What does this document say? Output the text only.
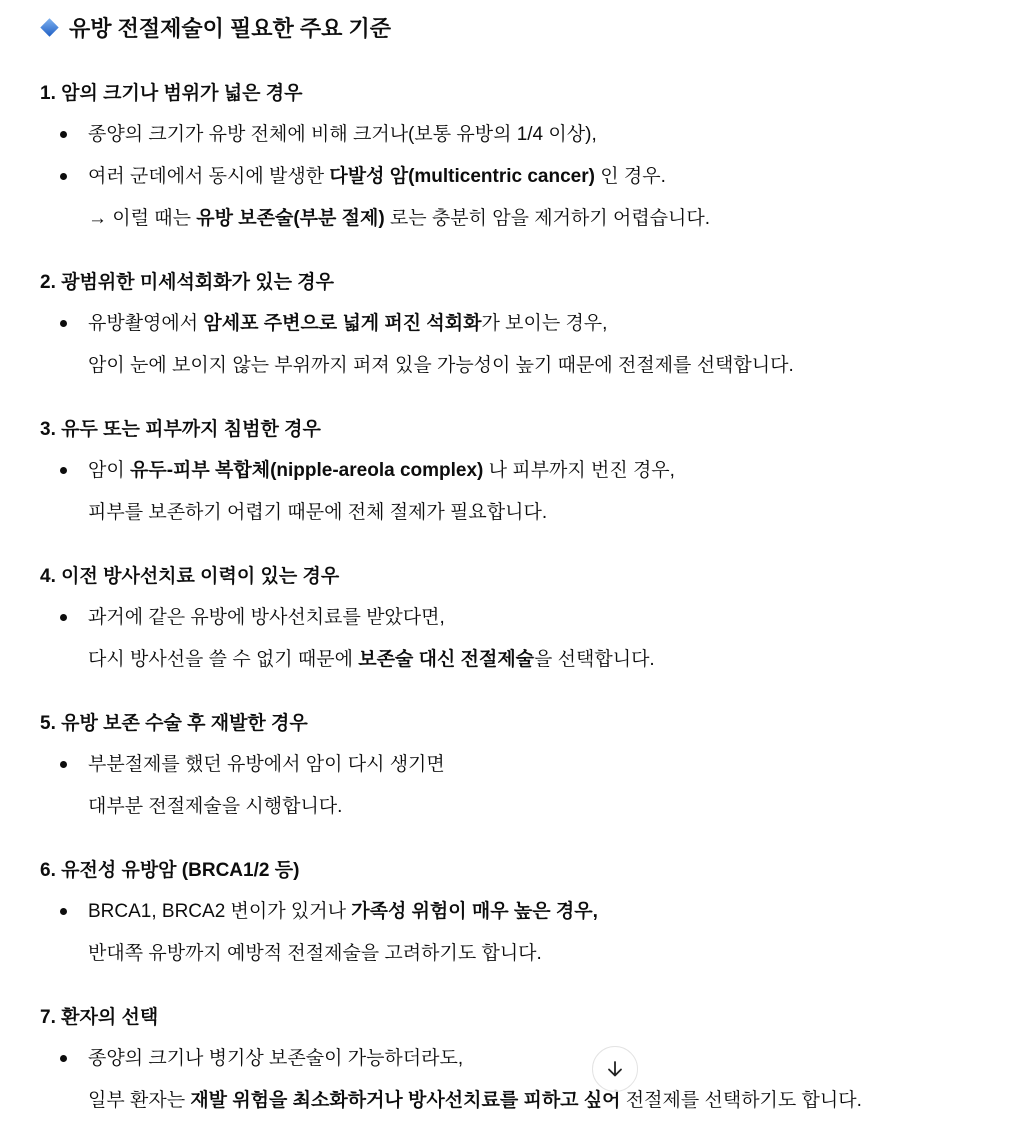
유방 전절제술이 필요한 주요 기준
1. 암의 크기나 범위가 넓은 경우
종양의 크기가 유방 전체에 비해 크거나(보통 유방의 1/4 이상),
여러 군데에서 동시에 발생한 다발성 암(multicentric cancer) 인 경우.
→ 이럴 때는 유방 보존술(부분 절제) 로는 충분히 암을 제거하기 어렵습니다.
2. 광범위한 미세석회화가 있는 경우
유방촬영에서 암세포 주변으로 넓게 퍼진 석회화가 보이는 경우,
암이 눈에 보이지 않는 부위까지 퍼져 있을 가능성이 높기 때문에 전절제를 선택합니다.
3. 유두 또는 피부까지 침범한 경우
암이 유두-피부 복합체(nipple-areola complex) 나 피부까지 번진 경우,
피부를 보존하기 어렵기 때문에 전체 절제가 필요합니다.
4. 이전 방사선치료 이력이 있는 경우
과거에 같은 유방에 방사선치료를 받았다면,
다시 방사선을 쓸 수 없기 때문에 보존술 대신 전절제술을 선택합니다.
5. 유방 보존 수술 후 재발한 경우
부분절제를 했던 유방에서 암이 다시 생기면
대부분 전절제술을 시행합니다.
6. 유전성 유방암 (BRCA1/2 등)
BRCA1, BRCA2 변이가 있거나 가족성 위험이 매우 높은 경우,
반대쪽 유방까지 예방적 전절제술을 고려하기도 합니다.
7. 환자의 선택
종양의 크기나 병기상 보존술이 가능하더라도,
일부 환자는 재발 위험을 최소화하거나 방사선치료를 피하고 싶어 전절제를 선택하기도 합니다.
